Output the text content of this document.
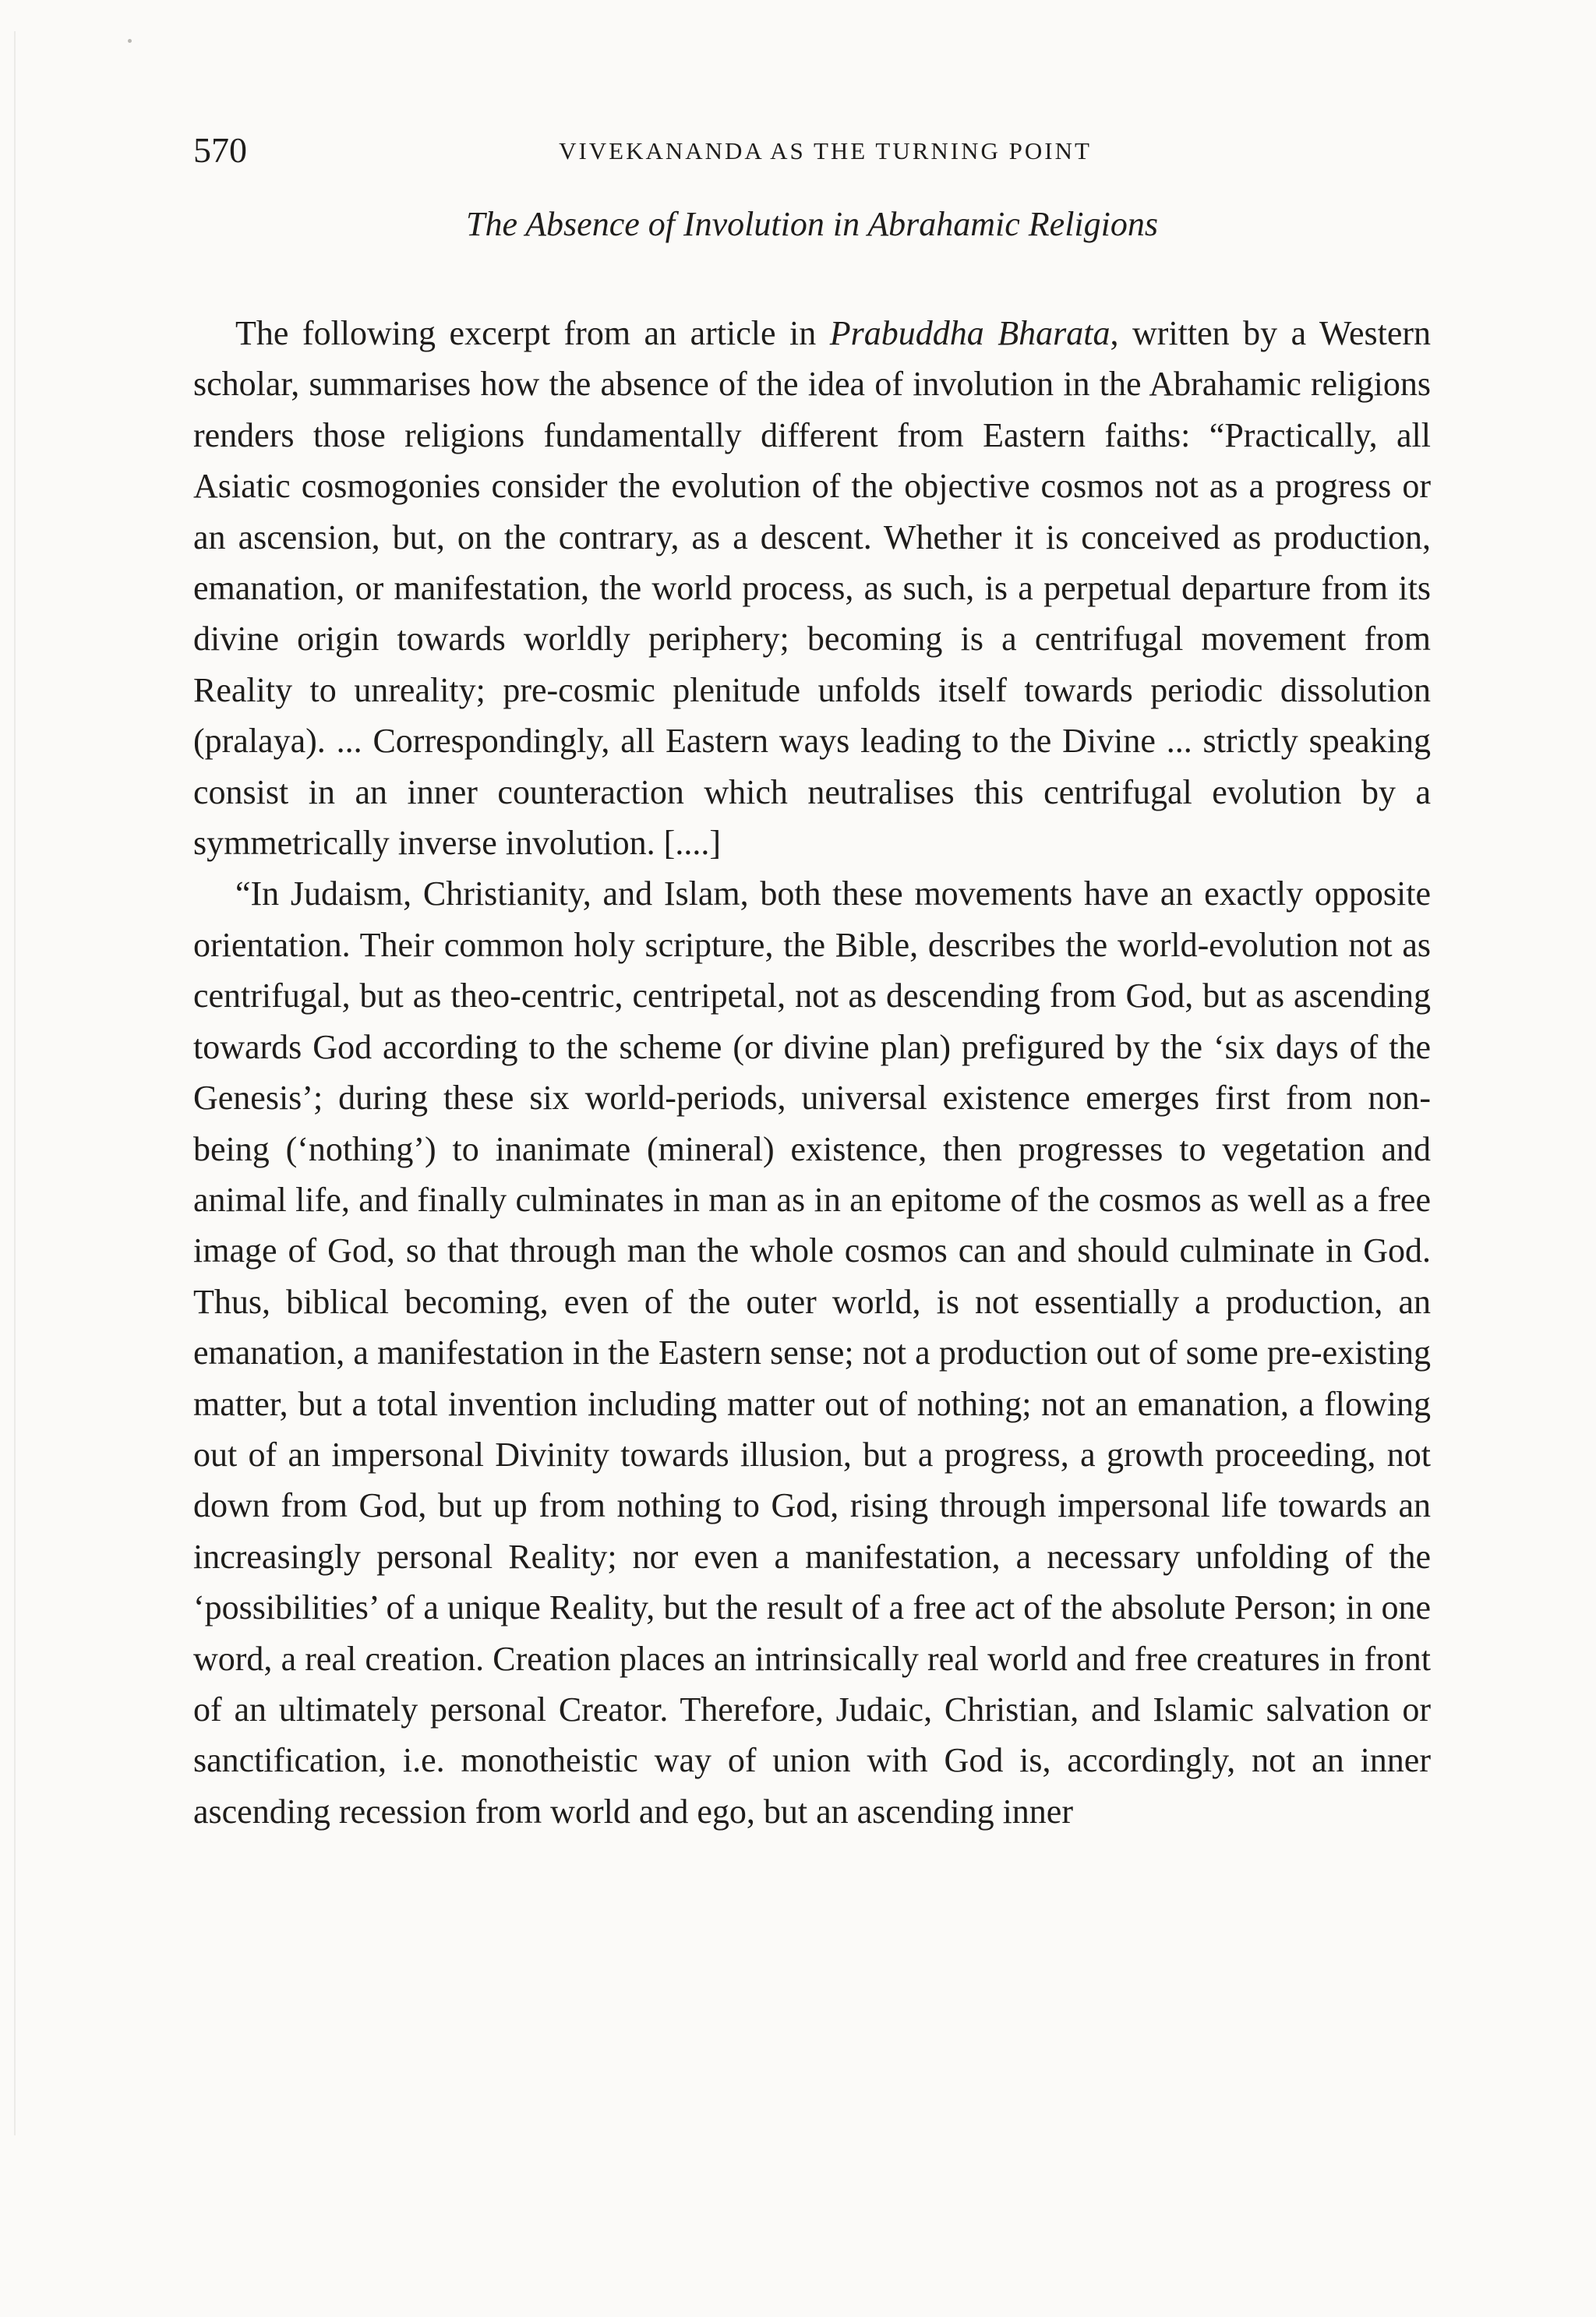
570	VIVEKANANDA AS THE TURNING POINT
The Absence of Involution in Abrahamic Religions

The following excerpt from an article in Prabuddha Bharata, written by a Western scholar, summarises how the absence of the idea of involution in the Abrahamic religions renders those religions fundamentally different from Eastern faiths: “Practically, all Asiatic cosmogonies consider the evolution of the objective cosmos not as a progress or an ascension, but, on the contrary, as a descent. Whether it is conceived as production, emanation, or manifestation, the world process, as such, is a perpetual departure from its divine origin towards worldly periphery; becoming is a centrifugal movement from Reality to unreality; pre-cosmic plenitude unfolds itself towards periodic dissolution (pralaya). ... Correspondingly, all Eastern ways leading to the Divine ... strictly speaking consist in an inner counteraction which neutralises this centrifugal evolution by a symmetrically inverse involution. [....]

“In Judaism, Christianity, and Islam, both these movements have an exactly opposite orientation. Their common holy scripture, the Bible, describes the world-evolution not as centrifugal, but as theo-centric, centripetal, not as descending from God, but as ascending towards God according to the scheme (or divine plan) prefigured by the ‘six days of the Genesis’; during these six world-periods, universal existence emerges first from non-being (‘nothing’) to inanimate (mineral) existence, then progresses to vegetation and animal life, and finally culminates in man as in an epitome of the cosmos as well as a free image of God, so that through man the whole cosmos can and should culminate in God. Thus, biblical becoming, even of the outer world, is not essentially a production, an emanation, a manifestation in the Eastern sense; not a production out of some pre-existing matter, but a total invention including matter out of nothing; not an emanation, a flowing out of an impersonal Divinity towards illusion, but a progress, a growth proceeding, not down from God, but up from nothing to God, rising through impersonal life towards an increasingly personal Reality; nor even a manifestation, a necessary unfolding of the ‘possibilities’ of a unique Reality, but the result of a free act of the absolute Person; in one word, a real creation. Creation places an intrinsically real world and free creatures in front of an ultimately personal Creator. Therefore, Judaic, Christian, and Islamic salvation or sanctification, i.e. monotheistic way of union with God is, accordingly, not an inner ascending recession from world and ego, but an ascending inner
